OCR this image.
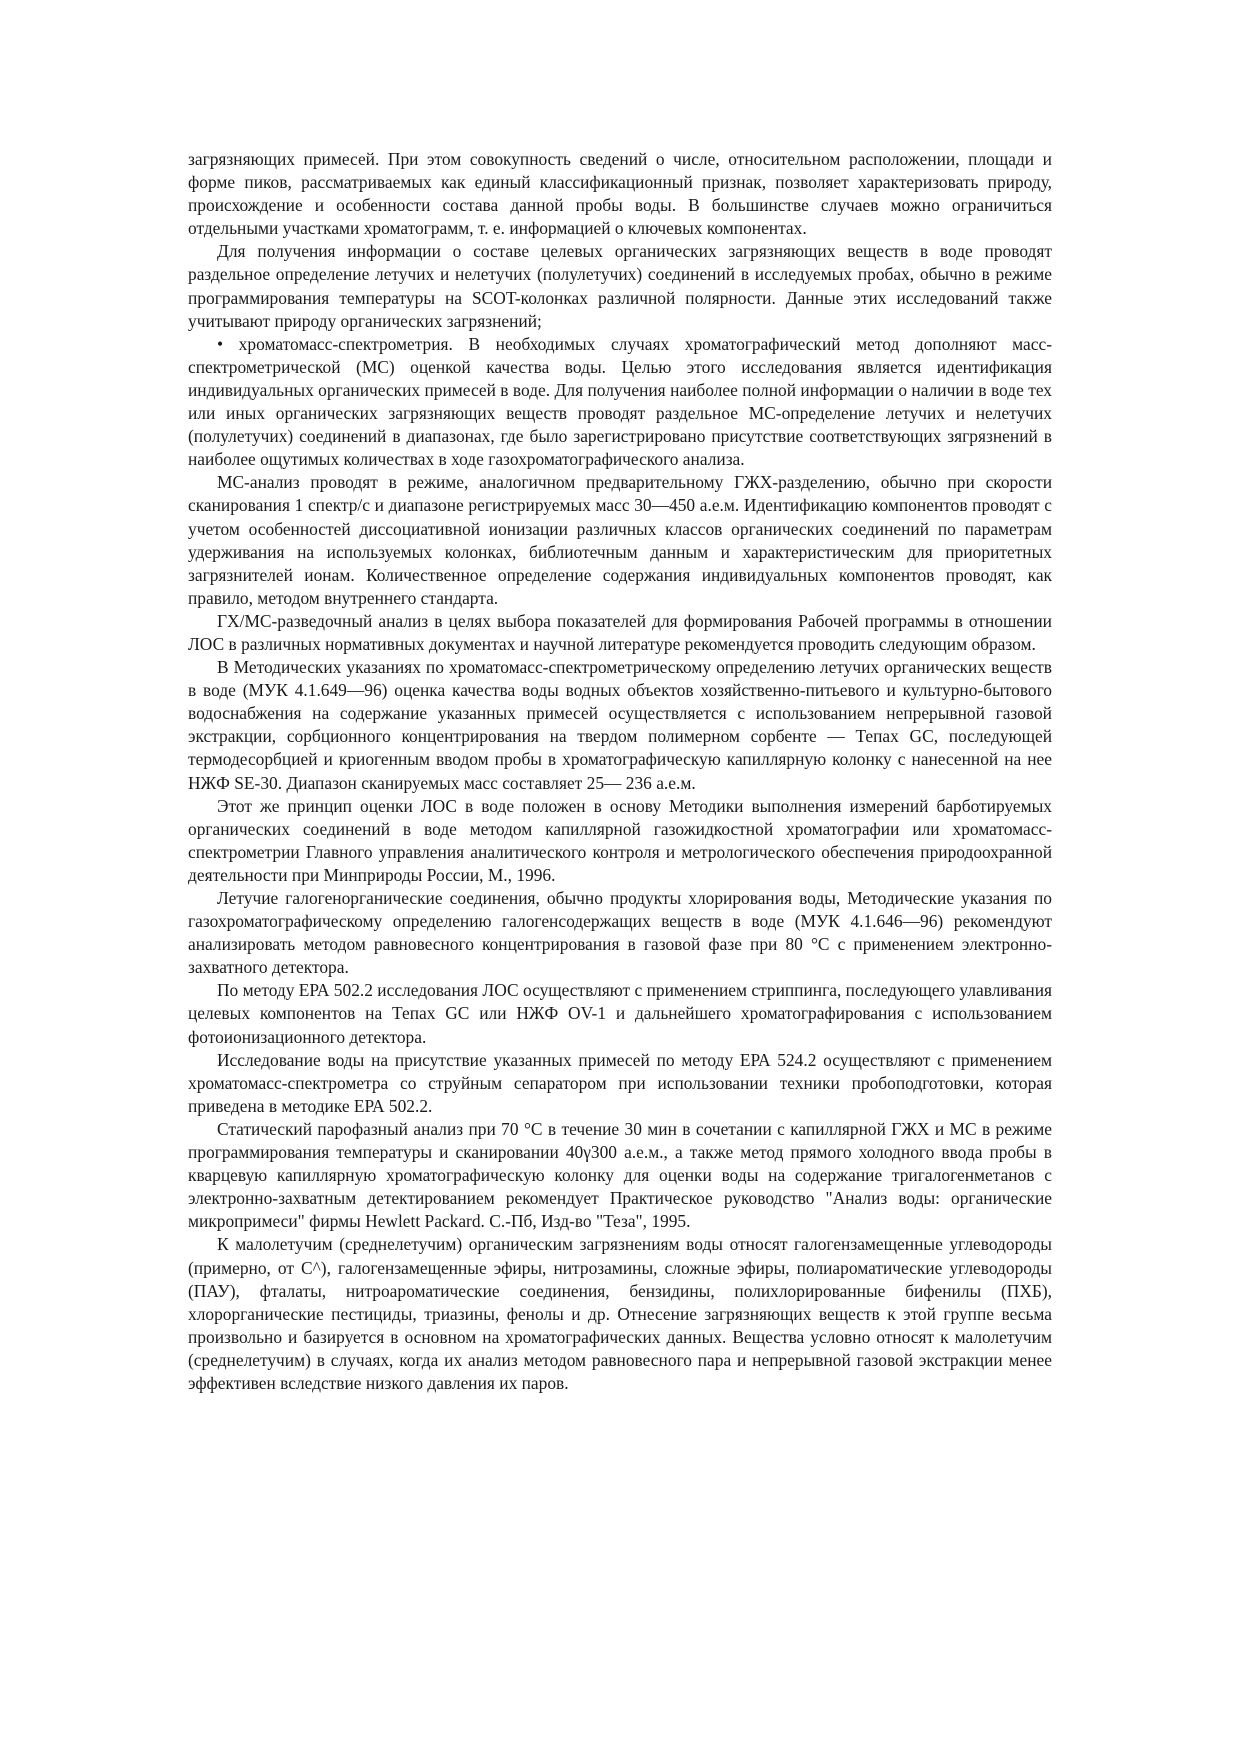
загрязняющих примесей. При этом совокупность сведений о числе, относительном расположении, площади и форме пиков, рассматриваемых как единый классификационный признак, позволяет характеризовать природу, происхождение и особенности состава данной пробы воды. В большинстве случаев можно ограничиться отдельными участками хроматограмм, т. е. информацией о ключевых компонентах.

Для получения информации о составе целевых органических загрязняющих веществ в воде проводят раздельное определение летучих и нелетучих (полулетучих) соединений в исследуемых пробах, обычно в режиме программирования температуры на SCOT-колонках различной полярности. Данные этих исследований также учитывают природу органических загрязнений;

• хроматомасс-спектрометрия. В необходимых случаях хроматографический метод дополняют масс-спектрометрической (МС) оценкой качества воды. Целью этого исследования является идентификация индивидуальных органических примесей в воде. Для получения наиболее полной информации о наличии в воде тех или иных органических загрязняющих веществ проводят раздельное МС-определение летучих и нелетучих (полулетучих) соединений в диапазонах, где было зарегистрировано присутствие соответствующих зягрязнений в наиболее ощутимых количествах в ходе газохроматографического анализа.

МС-анализ проводят в режиме, аналогичном предварительному ГЖХ-разделению, обычно при скорости сканирования 1 спектр/с и диапазоне регистрируемых масс 30—450 а.е.м. Идентификацию компонентов проводят с учетом особенностей диссоциативной ионизации различных классов органических соединений по параметрам удерживания на используемых колонках, библиотечным данным и характеристическим для приоритетных загрязнителей ионам. Количественное определение содержания индивидуальных компонентов проводят, как правило, методом внутреннего стандарта.

ГХ/МС-разведочный анализ в целях выбора показателей для формирования Рабочей программы в отношении ЛОС в различных нормативных документах и научной литературе рекомендуется проводить следующим образом.

В Методических указаниях по хроматомасс-спектрометрическому определению летучих органических веществ в воде (МУК 4.1.649—96) оценка качества воды водных объектов хозяйственно-питьевого и культурно-бытового водоснабжения на содержание указанных примесей осуществляется с использованием непрерывной газовой экстракции, сорбционного концентрирования на твердом полимерном сорбенте — Тепах GC, последующей термодесорбцией и криогенным вводом пробы в хроматографическую капиллярную колонку с нанесенной на нее НЖФ SE-30. Диапазон сканируемых масс составляет 25— 236 а.е.м.

Этот же принцип оценки ЛОС в воде положен в основу Методики выполнения измерений барботируемых органических соединений в воде методом капиллярной газожидкостной хроматографии или хроматомасс-спектрометрии Главного управления аналитического контроля и метрологического обеспечения природоохранной деятельности при Минприроды России, М., 1996.

Летучие галогенорганические соединения, обычно продукты хлорирования воды, Методические указания по газохроматографическому определению галогенсодержащих веществ в воде (МУК 4.1.646—96) рекомендуют анализировать методом равновесного концентрирования в газовой фазе при 80 °С с применением электронно-захватного детектора.

По методу ЕРА 502.2 исследования ЛОС осуществляют с применением стриппинга, последующего улавливания целевых компонентов на Тепах GC или НЖФ OV-1 и дальнейшего хроматографирования с использованием фотоионизационного детектора.

Исследование воды на присутствие указанных примесей по методу ЕРА 524.2 осуществляют с применением хроматомасс-спектрометра со струйным сепаратором при использовании техники пробоподготовки, которая приведена в методике ЕРА 502.2.

Статический парофазный анализ при 70 °С в течение 30 мин в сочетании с капиллярной ГЖХ и МС в режиме программирования температуры и сканировании 40γ300 а.е.м., а также метод прямого холодного ввода пробы в кварцевую капиллярную хроматографическую колонку для оценки воды на содержание тригалогенметанов с электронно-захватным детектированием рекомендует Практическое руководство "Анализ воды: органические микропримеси" фирмы Hewlett Packard. С.-Пб, Изд-во "Теза", 1995.

К малолетучим (среднелетучим) органическим загрязнениям воды относят галогензамещенные углеводороды (примерно, от С^), галогензамещенные эфиры, нитрозамины, сложные эфиры, полиароматические углеводороды (ПАУ), фталаты, нитроароматические соединения, бензидины, полихлорированные бифенилы (ПХБ), хлорорганические пестициды, триазины, фенолы и др. Отнесение загрязняющих веществ к этой группе весьма произвольно и базируется в основном на хроматографических данных. Вещества условно относят к малолетучим (среднелетучим) в случаях, когда их анализ методом равновесного пара и непрерывной газовой экстракции менее эффективен вследствие низкого давления их паров.
